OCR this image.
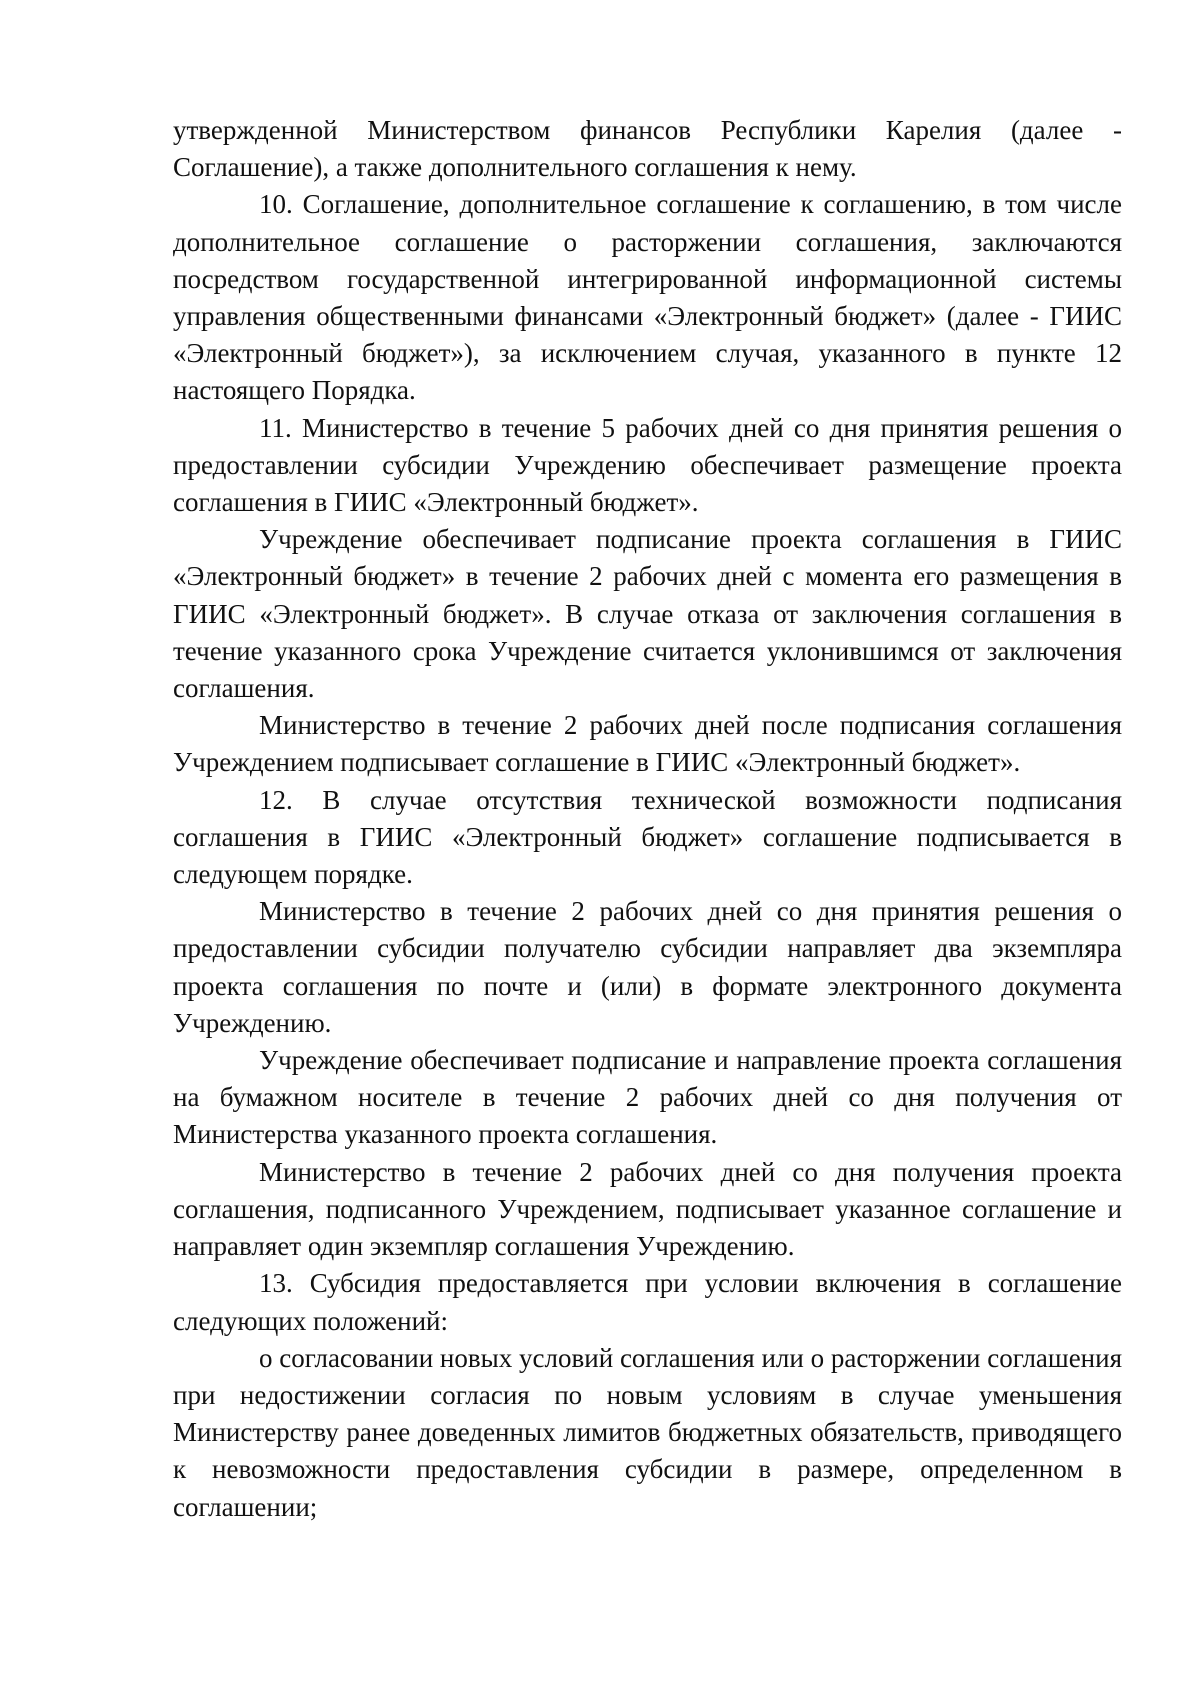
утвержденной Министерством финансов Республики Карелия (далее - Соглашение), а также дополнительного соглашения к нему.

10. Соглашение, дополнительное соглашение к соглашению, в том числе дополнительное соглашение о расторжении соглашения, заключаются посредством государственной интегрированной информационной системы управления общественными финансами «Электронный бюджет» (далее - ГИИС «Электронный бюджет»), за исключением случая, указанного в пункте 12 настоящего Порядка.

11. Министерство в течение 5 рабочих дней со дня принятия решения о предоставлении субсидии Учреждению обеспечивает размещение проекта соглашения в ГИИС «Электронный бюджет».

Учреждение обеспечивает подписание проекта соглашения в ГИИС «Электронный бюджет» в течение 2 рабочих дней с момента его размещения в ГИИС «Электронный бюджет». В случае отказа от заключения соглашения в течение указанного срока Учреждение считается уклонившимся от заключения соглашения.

Министерство в течение 2 рабочих дней после подписания соглашения Учреждением подписывает соглашение в ГИИС «Электронный бюджет».

12. В случае отсутствия технической возможности подписания соглашения в ГИИС «Электронный бюджет» соглашение подписывается в следующем порядке.

Министерство в течение 2 рабочих дней со дня принятия решения о предоставлении субсидии получателю субсидии направляет два экземпляра проекта соглашения по почте и (или) в формате электронного документа Учреждению.

Учреждение обеспечивает подписание и направление проекта соглашения на бумажном носителе в течение 2 рабочих дней со дня получения от Министерства указанного проекта соглашения.

Министерство в течение 2 рабочих дней со дня получения проекта соглашения, подписанного Учреждением, подписывает указанное соглашение и направляет один экземпляр соглашения Учреждению.

13. Субсидия предоставляется при условии включения в соглашение следующих положений:

о согласовании новых условий соглашения или о расторжении соглашения при недостижении согласия по новым условиям в случае уменьшения Министерству ранее доведенных лимитов бюджетных обязательств, приводящего к невозможности предоставления субсидии в размере, определенном в соглашении;
